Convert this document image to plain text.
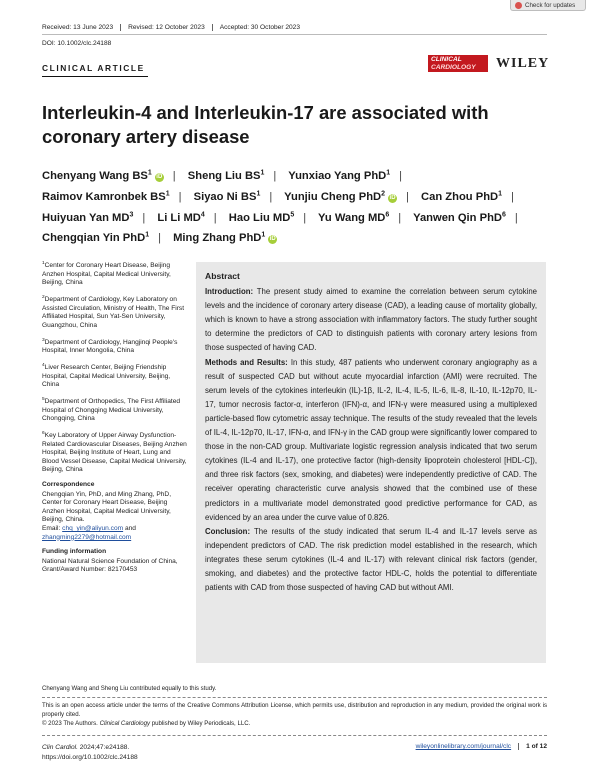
Check for updates
Received: 13 June 2023	Revised: 12 October 2023	Accepted: 30 October 2023
DOI: 10.1002/clc.24188
CLINICAL ARTICLE
CLINICAL
CARDIOLOGY	WILEY
Interleukin-4 and Interleukin-17 are associated with coronary artery disease
Chenyang Wang $BS^1iD$ | Sheng Liu $BS^1$ | Yunxiao Yang PhD$^1$ | Raimov Kamronbek $BS^1$ | Siyao Ni $BS^1$ | Yunjiu Cheng PhD$^2$iD | Can Zhou PhD$^1$ | Huiyuan Yan $MD^3$ | Li Li $MD^4$ | Hao Liu $MD^5$ | Yu Wang $MD^6$ | Yanwen Qin PhD$^6$ | Chengqian Yin PhD$^1$ | Ming Zhang PhD$^1$iD
$^1$Center for Coronary Heart Disease, Beijing Anzhen Hospital, Capital Medical University, Beijing, China
$^2$Department of Cardiology, Key Laboratory on Assisted Circulation, Ministry of Health, The First Affiliated Hospital, Sun Yat-Sen University, Guangzhou, China
$^3$Department of Cardiology, Hangjinqi People's Hospital, Inner Mongolia, China
$^4$Liver Research Center, Beijing Friendship Hospital, Capital Medical University, Beijing, China
$^5$Department of Orthopedics, The First Affiliated Hospital of Chongqing Medical University, Chongqing, China
$^6$Key Laboratory of Upper Airway Dysfunction-Related Cardiovascular Diseases, Beijing Anzhen Hospital, Beijing Institute of Heart, Lung and Blood Vessel Disease, Capital Medical University, Beijing, China
Correspondence
Chengqian Yin, PhD, and Ming Zhang, PhD, Center for Coronary Heart Disease, Beijing Anzhen Hospital, Capital Medical University, Beijing, China.
Email: chq_yin@aliyun.com and
zhangming2279@hotmail.com
Funding information
National Natural Science Foundation of China, Grant/Award Number: 82170453
Abstract

Introduction: The present study aimed to examine the correlation between serum cytokine levels and the incidence of coronary artery disease (CAD), a leading cause of mortality globally, which is known to have a strong association with inflammatory factors. The study further sought to determine the predictors of CAD to distinguish patients with coronary artery lesions from those suspected of having CAD.

Methods and Results: In this study, 487 patients who underwent coronary angiography as a result of suspected CAD but without acute myocardial infarction (AMI) were recruited. The serum levels of the cytokines interleukin (IL)-1β, IL-2, IL-4, IL-5, IL-6, IL-8, IL-10, IL-12p70, IL-17, tumor necrosis factor-α, interferon (IFN)-α, and IFN-γ were measured using a multiplexed particle-based flow cytometric assay technique. The results of the study revealed that the levels of IL-4, IL-12p70, IL-17, IFN-α, and IFN-γ in the CAD group were significantly lower compared to those in the non-CAD group. Multivariate logistic regression analysis indicated that two serum cytokines (IL-4 and IL-17), one protective factor (high-density lipoprotein cholesterol [HDL-C]), and three risk factors (sex, smoking, and diabetes) were independently predictive of CAD. The receiver operating characteristic curve analysis showed that the combined use of these predictors in a multivariate model demonstrated good predictive performance for CAD, as evidenced by an area under the curve value of 0.826.

Conclusion: The results of the study indicated that serum IL-4 and IL-17 levels serve as independent predictors of CAD. The risk prediction model established in the research, which integrates these serum cytokines (IL-4 and IL-17) with relevant clinical risk factors (gender, smoking, and diabetes) and the protective factor HDL-C, holds the potential to differentiate patients with CAD from those suspected of having CAD but without AMI.

Chenyang Wang and Sheng Liu contributed equally to this study.
This is an open access article under the terms of the Creative Commons Attribution License, which permits use, distribution and reproduction in any medium, provided the original work is properly cited.
© 2023 The Authors. Clinical Cardiology published by Wiley Periodicals, LLC.
Clin Cardiol. 2024;47:e24188.
https://doi.org/10.1002/clc.24188
wileyonlinelibrary.com/journal/clc	1 of 12
